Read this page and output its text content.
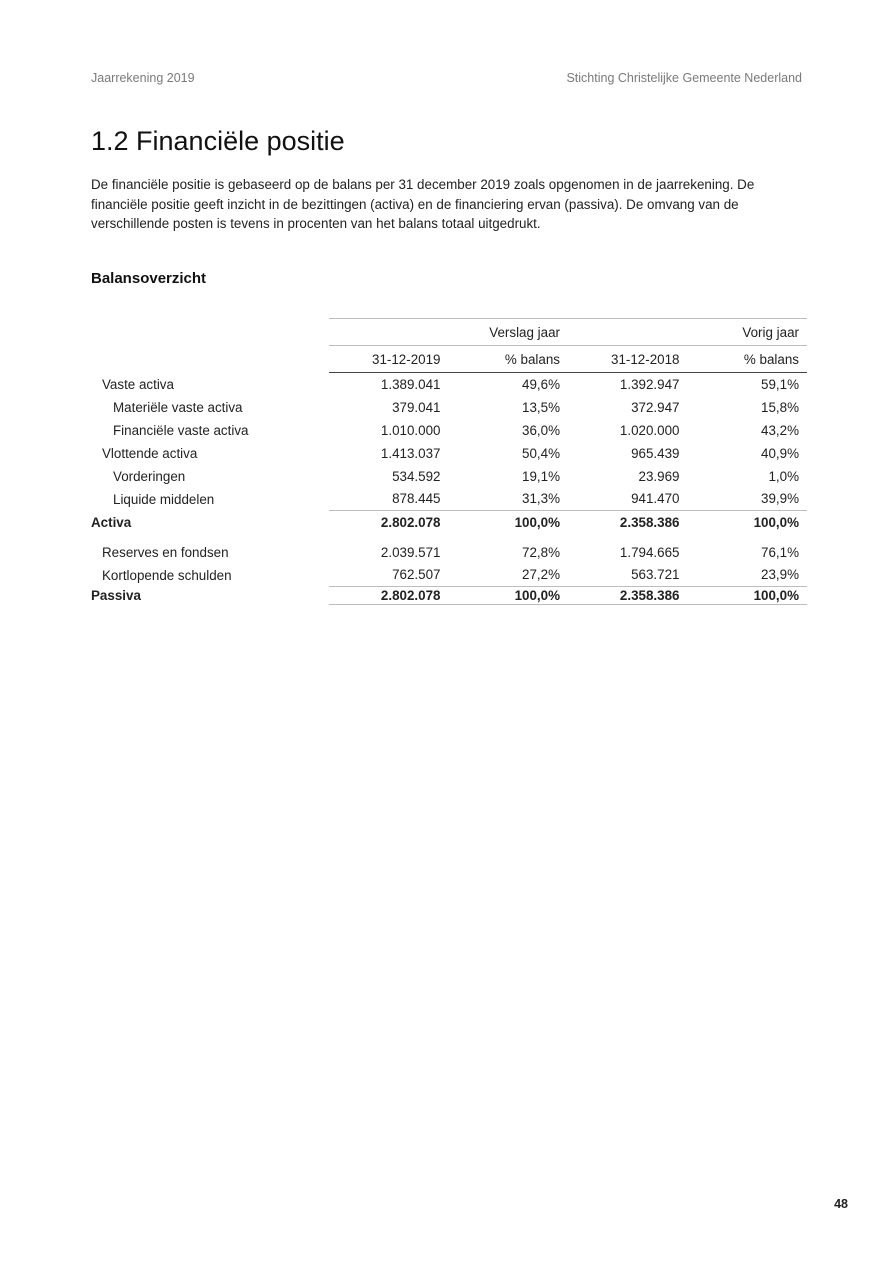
Jaarrekening 2019	Stichting Christelijke Gemeente Nederland
1.2 Financiële positie

De financiële positie is gebaseerd op de balans per 31 december 2019 zoals opgenomen in de jaarrekening. De financiële positie geeft inzicht in de bezittingen (activa) en de financiering ervan (passiva). De omvang van de verschillende posten is tevens in procenten van het balans totaal uitgedrukt.

Balansoverzicht
	Verslag jaar		Vorig jaar	
	31-12-2019	% balans	31-12-2018	% balans
Vaste activa	1.389.041	49,6%	1.392.947	59,1%
Materiële vaste activa	379.041	13,5%	372.947	15,8%
Financiële vaste activa	1.010.000	36,0%	1.020.000	43,2%
Vlottende activa	1.413.037	50,4%	965.439	40,9%
Vorderingen	534.592	19,1%	23.969	1,0%
Liquide middelen	878.445	31,3%	941.470	39,9%
Activa	2.802.078	100,0%	2.358.386	100,0%

Reserves en fondsen	2.039.571	72,8%	1.794.665	76,1%
Kortlopende schulden	762.507	27,2%	563.721	23,9%
Passiva	2.802.078	100,0%	2.358.386	100,0%
48
